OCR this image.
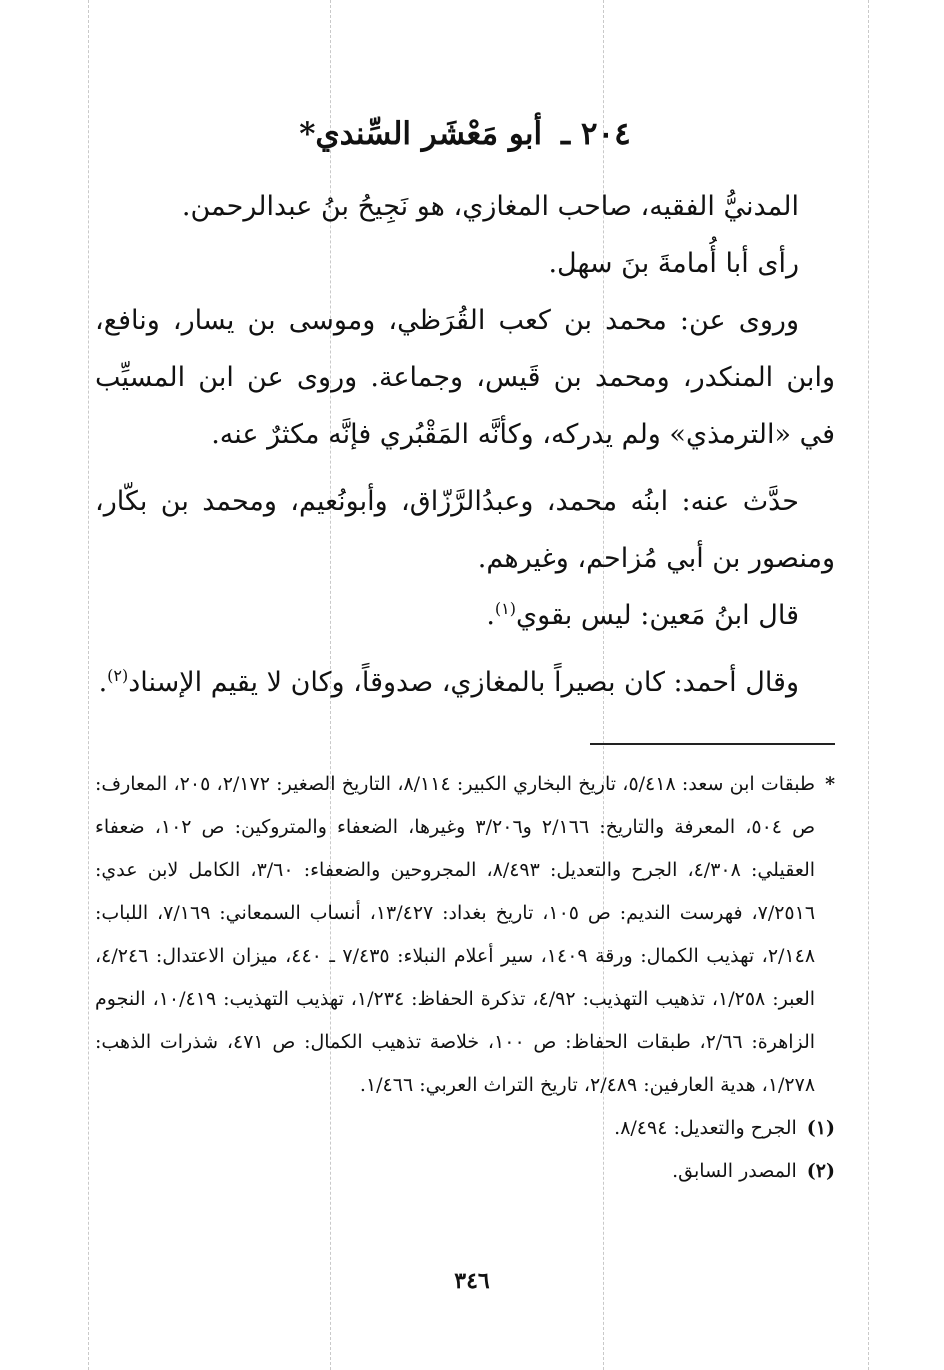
٢٠٤ ـ أبو مَعْشَر السِّندي*

المدنيُّ الفقيه، صاحب المغازي، هو نَجِيحُ بنُ عبدالرحمن.

رأى أبا أُمامةَ بنَ سهل.

وروى عن: محمد بن كعب القُرَظي، وموسى بن يسار، ونافع، وابن المنكدر، ومحمد بن قَيس، وجماعة. وروى عن ابن المسيِّب في «الترمذي» ولم يدركه، وكأنَّه المَقْبُري فإنَّه مكثرٌ عنه.

حدَّث عنه: ابنُه محمد، وعبدُالرَّزّاق، وأبونُعيم، ومحمد بن بكّار، ومنصور بن أبي مُزاحم، وغيرهم.

قال ابنُ مَعين: ليس بقوي$^{(١)}$.

وقال أحمد: كان بصيراً بالمغازي، صدوقاً، وكان لا يقيم الإسناد$^{(٢)}$.

*
طبقات ابن سعد: ٥/٤١٨، تاريخ البخاري الكبير: ٨/١١٤، التاريخ الصغير: ٢/١٧٢، ٢٠٥، المعارف: ص ٥٠٤، المعرفة والتاريخ: ٢/١٦٦ و٣/٢٠٦ وغيرها، الضعفاء والمتروكين: ص ١٠٢، ضعفاء العقيلي: ٤/٣٠٨، الجرح والتعديل: ٨/٤٩٣، المجروحين والضعفاء: ٣/٦٠، الكامل لابن عدي: ٧/٢٥١٦، فهرست النديم: ص ١٠٥، تاريخ بغداد: ١٣/٤٢٧، أنساب السمعاني: ٧/١٦٩، اللباب: ٢/١٤٨، تهذيب الكمال: ورقة ١٤٠٩، سير أعلام النبلاء: ٧/٤٣٥ ـ ٤٤٠، ميزان الاعتدال: ٤/٢٤٦، العبر: ١/٢٥٨، تذهيب التهذيب: ٤/٩٢، تذكرة الحفاظ: ١/٢٣٤، تهذيب التهذيب: ١٠/٤١٩، النجوم الزاهرة: ٢/٦٦، طبقات الحفاظ: ص ١٠٠، خلاصة تذهيب الكمال: ص ٤٧١، شذرات الذهب: ١/٢٧٨، هدية العارفين: ٢/٤٨٩، تاريخ التراث العربي: ١/٤٦٦.
(١)
الجرح والتعديل: ٨/٤٩٤.
(٢)
المصدر السابق.
٣٤٦
